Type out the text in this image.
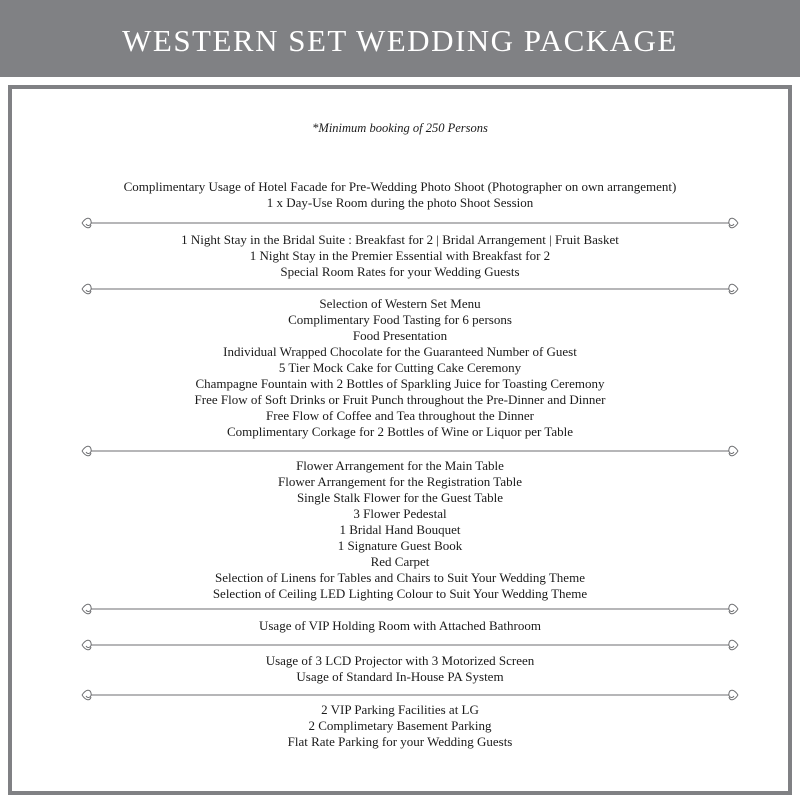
WESTERN SET WEDDING PACKAGE
*Minimum booking of 250 Persons
Complimentary Usage of Hotel Facade for Pre-Wedding Photo Shoot (Photographer on own arrangement)
1 x Day-Use Room during the photo Shoot Session
1 Night Stay in the Bridal Suite : Breakfast for 2 | Bridal Arrangement | Fruit Basket
1 Night Stay in the Premier Essential with Breakfast for 2
Special Room Rates for your Wedding Guests
Selection of Western Set Menu
Complimentary Food Tasting for 6 persons
Food Presentation
Individual Wrapped Chocolate for the Guaranteed Number of Guest
5 Tier Mock Cake for Cutting Cake Ceremony
Champagne Fountain with 2 Bottles of Sparkling Juice for Toasting Ceremony
Free Flow of Soft Drinks or Fruit Punch throughout the Pre-Dinner and Dinner
Free Flow of Coffee and Tea throughout the Dinner
Complimentary Corkage for 2 Bottles of Wine or Liquor per Table
Flower Arrangement for the Main Table
Flower Arrangement for the Registration Table
Single Stalk Flower for the Guest Table
3 Flower Pedestal
1 Bridal Hand Bouquet
1 Signature Guest Book
Red Carpet
Selection of Linens for Tables and Chairs to Suit Your Wedding Theme
Selection of Ceiling LED Lighting Colour to Suit Your Wedding Theme
Usage of VIP Holding Room with Attached Bathroom
Usage of 3 LCD Projector with 3 Motorized Screen
Usage of Standard In-House PA System
2 VIP Parking Facilities at LG
2 Complimetary Basement Parking
Flat Rate Parking for your Wedding Guests
